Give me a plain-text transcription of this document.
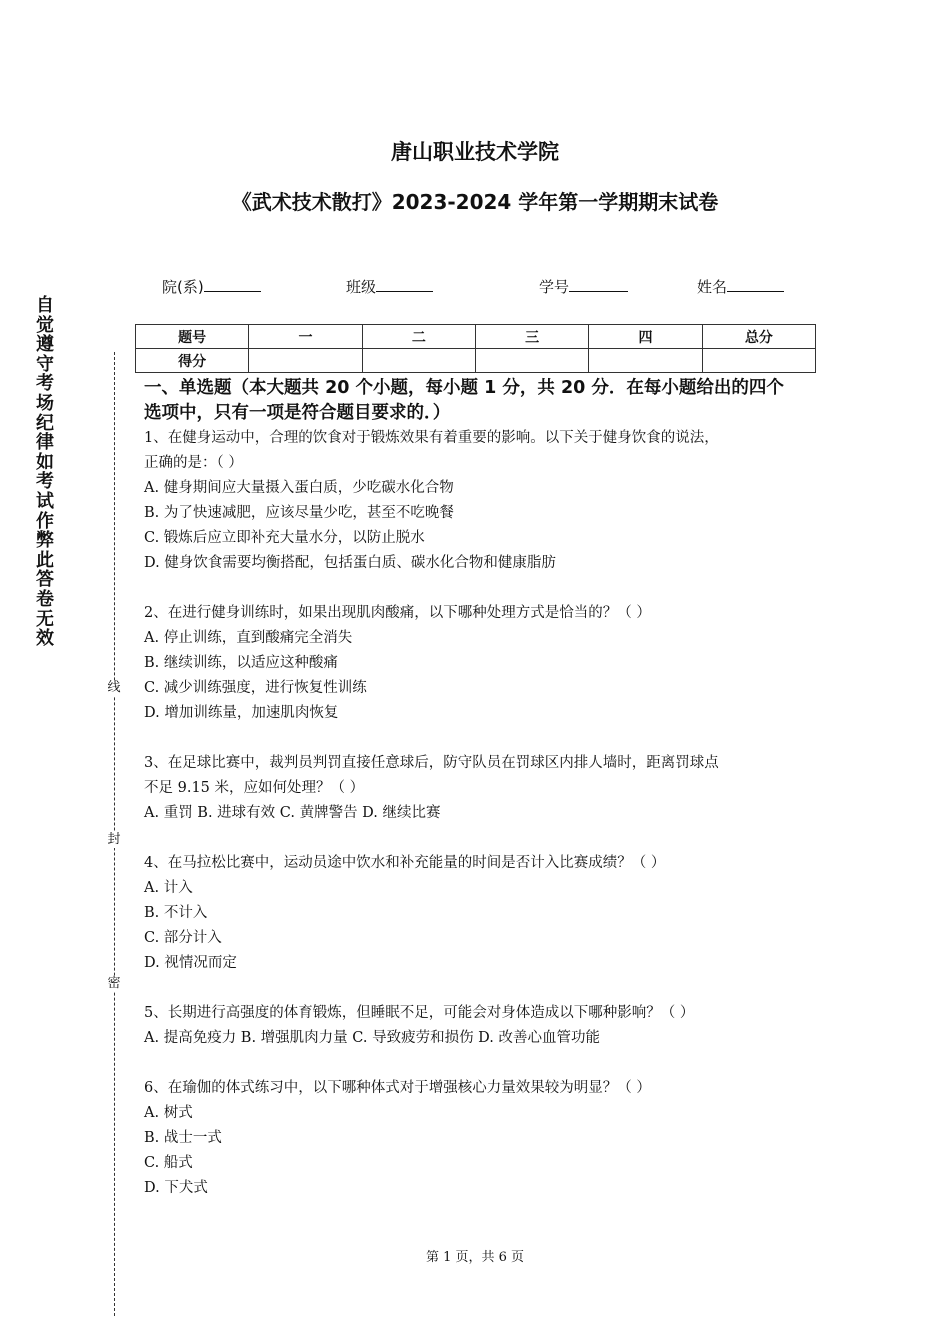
唐山职业技术学院
《武术技术散打》2023-2024 学年第一学期期末试卷
院(系)	班级	学号	姓名
题号	一	二	三	四	总分
得分					
自觉遵守考场纪律如考试作弊此答卷无效
线
封
密
一、单选题（本大题共 20 个小题，每小题 1 分，共 20 分．在每小题给出的四个
选项中，只有一项是符合题目要求的．）
1、在健身运动中，合理的饮食对于锻炼效果有着重要的影响。以下关于健身饮食的说法，
正确的是：（ ）
A. 健身期间应大量摄入蛋白质，少吃碳水化合物
B. 为了快速减肥，应该尽量少吃，甚至不吃晚餐
C. 锻炼后应立即补充大量水分，以防止脱水
D. 健身饮食需要均衡搭配，包括蛋白质、碳水化合物和健康脂肪
2、在进行健身训练时，如果出现肌肉酸痛，以下哪种处理方式是恰当的？（ ）
A. 停止训练，直到酸痛完全消失
B. 继续训练，以适应这种酸痛
C. 减少训练强度，进行恢复性训练
D. 增加训练量，加速肌肉恢复
3、在足球比赛中，裁判员判罚直接任意球后，防守队员在罚球区内排人墙时，距离罚球点
不足 9.15 米，应如何处理？（ ）
A. 重罚 B. 进球有效 C. 黄牌警告 D. 继续比赛
4、在马拉松比赛中，运动员途中饮水和补充能量的时间是否计入比赛成绩？（ ）
A. 计入
B. 不计入
C. 部分计入
D. 视情况而定
5、长期进行高强度的体育锻炼，但睡眠不足，可能会对身体造成以下哪种影响？（ ）
A. 提高免疫力 B. 增强肌肉力量 C. 导致疲劳和损伤 D. 改善心血管功能
6、在瑜伽的体式练习中，以下哪种体式对于增强核心力量效果较为明显？（ ）
A. 树式
B. 战士一式
C. 船式
D. 下犬式
第 1 页，共 6 页
